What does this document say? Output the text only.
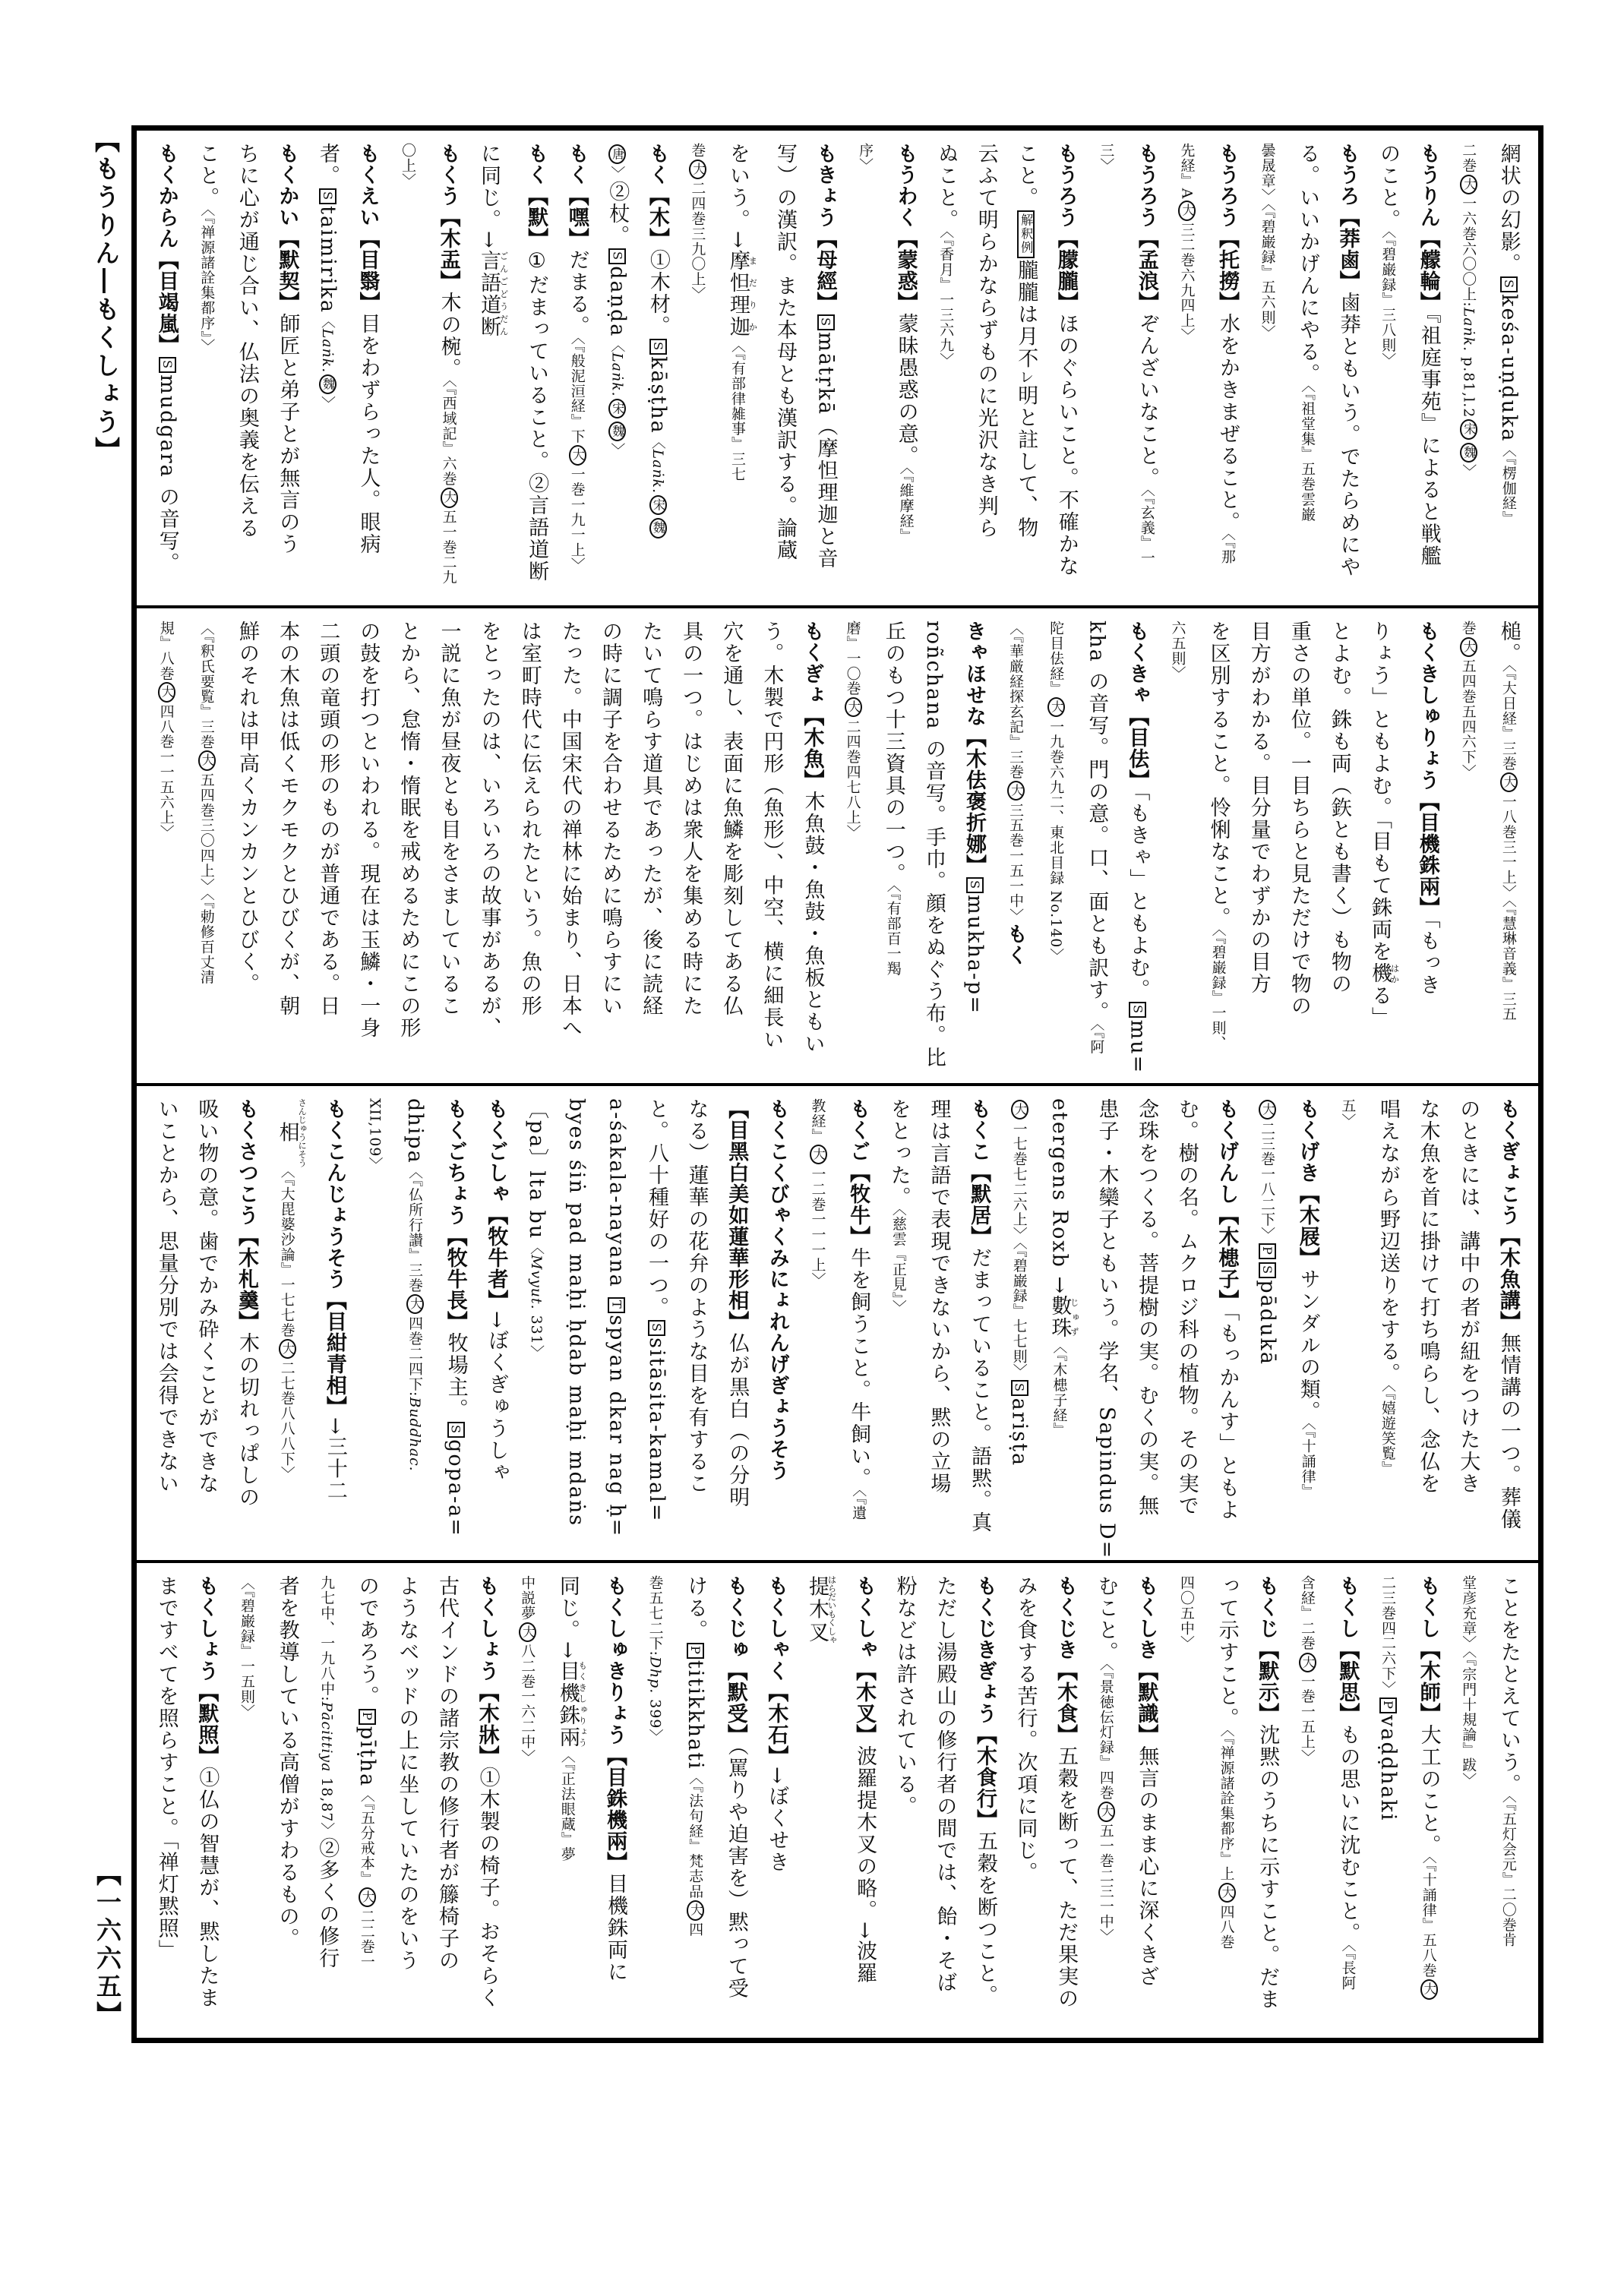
【もうりん―もくしょう】
【一六六五】
網状の幻影。Skeśa-uṇḍuka〈『楞伽経』
二巻大一六巻六〇〇上:Laṅk. p.81,l.2宋魏〉
もうりん【艨輪】『祖庭事苑』によると戦艦
のこと。〈『碧巌録』三八則〉
もうろ【莽鹵】鹵莽ともいう。でたらめにや
る。いいかげんにやる。〈『祖堂集』五巻雲巌
曇晟章〉〈『碧巌録』五六則〉
もうろう【托撈】水をかきまぜること。〈『那
先経』A大三二巻六九四上〉
もうろう【孟浪】ぞんざいなこと。〈『玄義』一
三〉
もうろう【朦朧】ほのぐらいこと。不確かな
こと。解釈例朧朧は月不レ明と註して、物
云ふて明らかならずものに光沢なき判ら
ぬこと。〈『香月』一三六九〉
もうわく【蒙惑】蒙昧愚惑の意。〈『維摩経』
序〉
もきょう【母經】Smātṛkā（摩怛理迦と音
写）の漢訳。また本母とも漢訳する。論蔵
をいう。→摩怛理迦まだりか〈『有部律雑事』三七
巻大二四巻三九〇上〉
もく【木】①木材。Skāṣṭha〈Laṅk.宋魏
唐〉②杖。Sdaṇḍa〈Laṅk.宋魏〉
もく【嘿】だまる。〈『般泥洹経』下大一巻一九一上〉
もく【默】①だまっていること。②言語道断
に同じ。→言語道断ごんごどうだん
もくう【木盂】木の椀。〈『西域記』六巻大五一巻二九
〇上〉
もくえい【目翳】目をわずらった人。眼病
者。Staimirika〈Laṅk.魏〉
もくかい【默契】師匠と弟子とが無言のう
ちに心が通じ合い、仏法の奥義を伝える
こと。〈『禅源諸詮集都序』〉
もくからん【目竭嵐】Smudgara の音写。
槌。〈『大日経』三巻大一八巻三一上〉〈『慧琳音義』三五
巻大五四巻五四六下〉
もくきしゅりょう【目機銖兩】「もっき
りょう」ともよむ。「目もて銖両を機はかる」
とよむ。銖も両（鉃とも書く）も物の
重さの単位。一目ちらと見ただけで物の
目方がわかる。目分量でわずかの目方
を区別すること。怜悧なこと。〈『碧巌録』一則、
六五則〉
もくきゃ【目佉】「もきゃ」ともよむ。Smu=
kha の音写。門の意。口、面とも訳す。〈『阿
陀目佉経』大一九巻六九二、東北目録 No.140〉
〈『華厳経探玄記』三巻大三五巻一五一中〉もく
きゃほせな【木佉褒折娜】Smukha-p=
roñchana の音写。手巾。顔をぬぐう布。比
丘のもつ十三資具の一つ。〈『有部百一羯
磨』一〇巻大二四巻四七八上〉
もくぎょ【木魚】木魚鼓・魚鼓・魚板ともい
う。木製で円形（魚形）、中空、横に細長い
穴を通し、表面に魚鱗を彫刻してある仏
具の一つ。はじめは衆人を集める時にた
たいて鳴らす道具であったが、後に読経
の時に調子を合わせるために鳴らすにい
たった。中国宋代の禅林に始まり、日本へ
は室町時代に伝えられたという。魚の形
をとったのは、いろいろの故事があるが、
一説に魚が昼夜とも目をさましているこ
とから、怠惰・惰眠を戒めるためにこの形
の鼓を打つといわれる。現在は玉鱗・一身
二頭の竜頭の形のものが普通である。日
本の木魚は低くモクモクとひびくが、朝
鮮のそれは甲高くカンカンとひびく。
〈『釈氏要覧』三巻大五四巻三〇四上〉〈『勅修百丈清
規』八巻大四八巻一一五六上〉
もくぎょこう【木魚講】無情講の一つ。葬儀
のときには、講中の者が紐をつけた大き
な木魚を首に掛けて打ち鳴らし、念仏を
唱えながら野辺送りをする。〈『嬉遊笑覧』
五〉
もくげき【木屐】サンダルの類。〈『十誦律』
大二三巻一八二下〉PSpādukā
もくげんし【木槵子】「もっかんす」ともよ
む。樹の名。ムクロジ科の植物。その実で
念珠をつくる。菩提樹の実。むくの実。無
患子・木欒子ともいう。学名、Sapindus D=
etergens Roxb →數珠じゅず〈『木槵子経』
大一七巻七二六上〉〈『碧巌録』七七則〉Sariṣṭa
もくこ【默居】だまっていること。語黙。真
理は言語で表現できないから、黙の立場
をとった。〈慈雲『正見』〉
もくご【牧牛】牛を飼うこと。牛飼い。〈『遺
教経』大一二巻一一一上〉
もくこくびゃくみにょれんげぎょうそう
【目黑白美如蓮華形相】仏が黒白（の分明
なる）蓮華の花弁のような目を有するこ
と。八十種好の一つ。Ssitāsita-kamal=
a-śakala-nayana Tspyan dkar nag ḥ=
byes śiṅ pad maḥi ḥdab maḥi mdaṅs
〔pa〕lta bu〈Mvyut. 331〉
もくごしゃ【牧牛者】→ぼくぎゅうしゃ
もくごちょう【牧牛長】牧場主。Sgopa-a=
dhipa〈『仏所行讃』三巻大四巻二四下:Buddhac.
XII,109〉
もくこんじょうそう【目紺青相】→三十二
相さんじゅうにそう〈『大毘婆沙論』一七七巻大二七巻八八八下〉
もくさつこう【木札羹】木の切れっぱしの
吸い物の意。歯でかみ砕くことができな
いことから、思量分別では会得できない
ことをたとえていう。〈『五灯会元』二〇巻肯
堂彦充章〉〈『宗門十規論』跋〉
もくし【木師】大工のこと。〈『十誦律』五八巻大
二三巻四二六下〉Pvaḍḍhaki
もくし【默思】もの思いに沈むこと。〈『長阿
含経』二巻大一巻一五上〉
もくじ【默示】沈黙のうちに示すこと。だま
って示すこと。〈『禅源諸詮集都序』上大四八巻
四〇五中〉
もくしき【默識】無言のまま心に深くきざ
むこと。〈『景徳伝灯録』四巻大五一巻二三一中〉
もくじき【木食】五穀を断って、ただ果実の
みを食する苦行。次項に同じ。
もくじきぎょう【木食行】五穀を断つこと。
ただし湯殿山の修行者の間では、飴・そば
粉などは許されている。
もくしゃ【木叉】波羅提木叉の略。→波羅
提木叉はらだいもくしゃ
もくしゃく【木石】→ぼくせき
もくじゅ【默受】（罵りや迫害を）黙って受
ける。Ptitikkhati〈『法句経』梵志品大四
巻五七二下:Dhp. 399〉
もくしゅきりょう【目銖機兩】目機銖両に
同じ。→目機銖兩もくきしゅりょう〈『正法眼蔵』夢
中説夢大八二巻一六二中〉
もくしょう【木牀】①木製の椅子。おそらく
古代インドの諸宗教の修行者が籐椅子の
ようなベッドの上に坐していたのをいう
のであろう。Ppīṭha〈『五分戒本』大二二巻一
九七中、一九八中:Pācittiya 18,87〉②多くの修行
者を教導している高僧がすわるもの。
〈『碧巌録』一五則〉
もくしょう【默照】①仏の智慧が、黙したま
まですべてを照らすこと。「禅灯黙照」
